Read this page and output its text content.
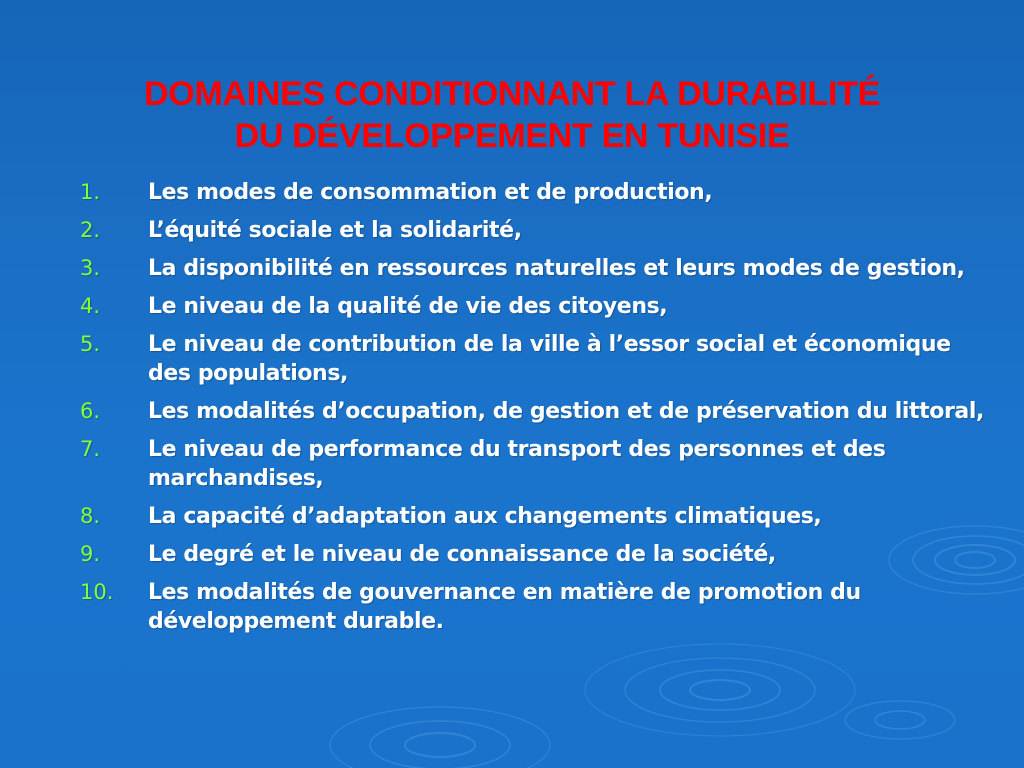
DOMAINES CONDITIONNANT LA DURABILITÉ
DU DÉVELOPPEMENT EN TUNISIE
1.	Les modes de consommation et de production,
2.	L’équité sociale et la solidarité,
3.	La disponibilité en ressources naturelles et leurs modes de gestion,
4.	Le niveau de la qualité de vie des citoyens,
5.	Le niveau de contribution de la ville à l’essor social et économique des populations,
6.	Les modalités d’occupation, de gestion et de préservation du littoral,
7.	Le niveau de performance du transport des personnes et des marchandises,
8.	La capacité d’adaptation aux changements climatiques,
9.	Le degré et le niveau de connaissance de la société,
10.	Les modalités de gouvernance en matière de promotion du développement durable.
